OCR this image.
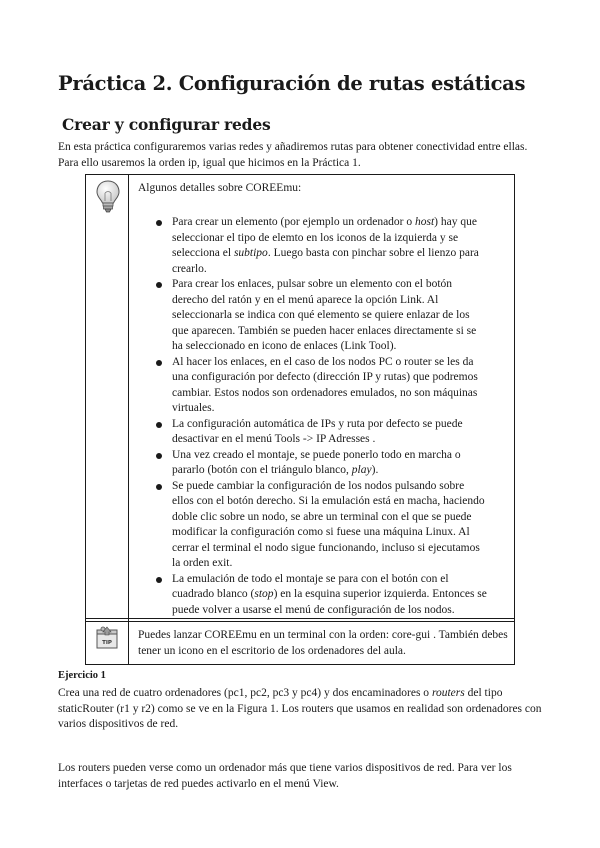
Práctica 2. Configuración de rutas estáticas
Crear y configurar redes
En esta práctica configuraremos varias redes y añadiremos rutas para obtener conectividad entre ellas. Para ello usaremos la orden ip, igual que hicimos en la Práctica 1.
Algunos detalles sobre COREEmu:
Para crear un elemento (por ejemplo un ordenador o host) hay que seleccionar el tipo de elemto en los iconos de la izquierda y se selecciona el subtipo. Luego basta con pinchar sobre el lienzo para crearlo.
Para crear los enlaces, pulsar sobre un elemento con el botón derecho del ratón y en el menú aparece la opción Link. Al seleccionarla se indica con qué elemento se quiere enlazar de los que aparecen. También se pueden hacer enlaces directamente si se ha seleccionado en icono de enlaces (Link Tool).
Al hacer los enlaces, en el caso de los nodos PC o router se les da una configuración por defecto (dirección IP y rutas) que podremos cambiar. Estos nodos son ordenadores emulados, no son máquinas virtuales.
La configuración automática de IPs y ruta por defecto se puede desactivar en el menú Tools -> IP Adresses .
Una vez creado el montaje, se puede ponerlo todo en marcha o pararlo (botón con el triángulo blanco, play).
Se puede cambiar la configuración de los nodos pulsando sobre ellos con el botón derecho. Si la emulación está en macha, haciendo doble clic sobre un nodo, se abre un terminal con el que se puede modificar la configuración como si fuese una máquina Linux. Al cerrar el terminal el nodo sigue funcionando, incluso si ejecutamos la orden exit.
La emulación de todo el montaje se para con el botón con el cuadrado blanco (stop) en la esquina superior izquierda. Entonces se puede volver a usarse el menú de configuración de los nodos.
TIP
Puedes lanzar COREEmu en un terminal con la orden: core-gui . También debes tener un icono en el escritorio de los ordenadores del aula.
Ejercicio 1
Crea una red de cuatro ordenadores (pc1, pc2, pc3 y pc4) y dos encaminadores o routers del tipo staticRouter (r1 y r2) como se ve en la Figura 1. Los routers que usamos en realidad son ordenadores con varios dispositivos de red.
Los routers pueden verse como un ordenador más que tiene varios dispositivos de red. Para ver los interfaces o tarjetas de red puedes activarlo en el menú View.
